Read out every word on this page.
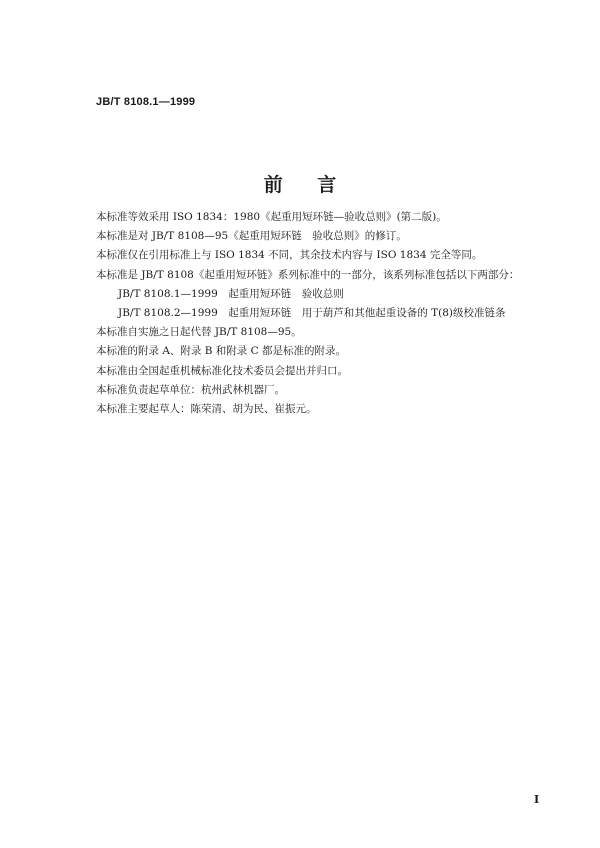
JB/T 8108.1—1999
前 言
本标准等效采用 ISO 1834：1980《起重用短环链—验收总则》(第二版)。
本标准是对 JB/T 8108—95《起重用短环链　验收总则》的修订。
本标准仅在引用标准上与 ISO 1834 不同，其余技术内容与 ISO 1834 完全等同。
本标准是 JB/T 8108《起重用短环链》系列标准中的一部分，该系列标准包括以下两部分：
JB/T 8108.1—1999　起重用短环链　验收总则
JB/T 8108.2—1999　起重用短环链　用于葫芦和其他起重设备的 T(8)级校准链条
本标准自实施之日起代替 JB/T 8108—95。
本标准的附录 A、附录 B 和附录 C 都是标准的附录。
本标准由全国起重机械标准化技术委员会提出并归口。
本标准负责起草单位：杭州武林机器厂。
本标准主要起草人：陈荣清、胡为民、崔振元。
I
